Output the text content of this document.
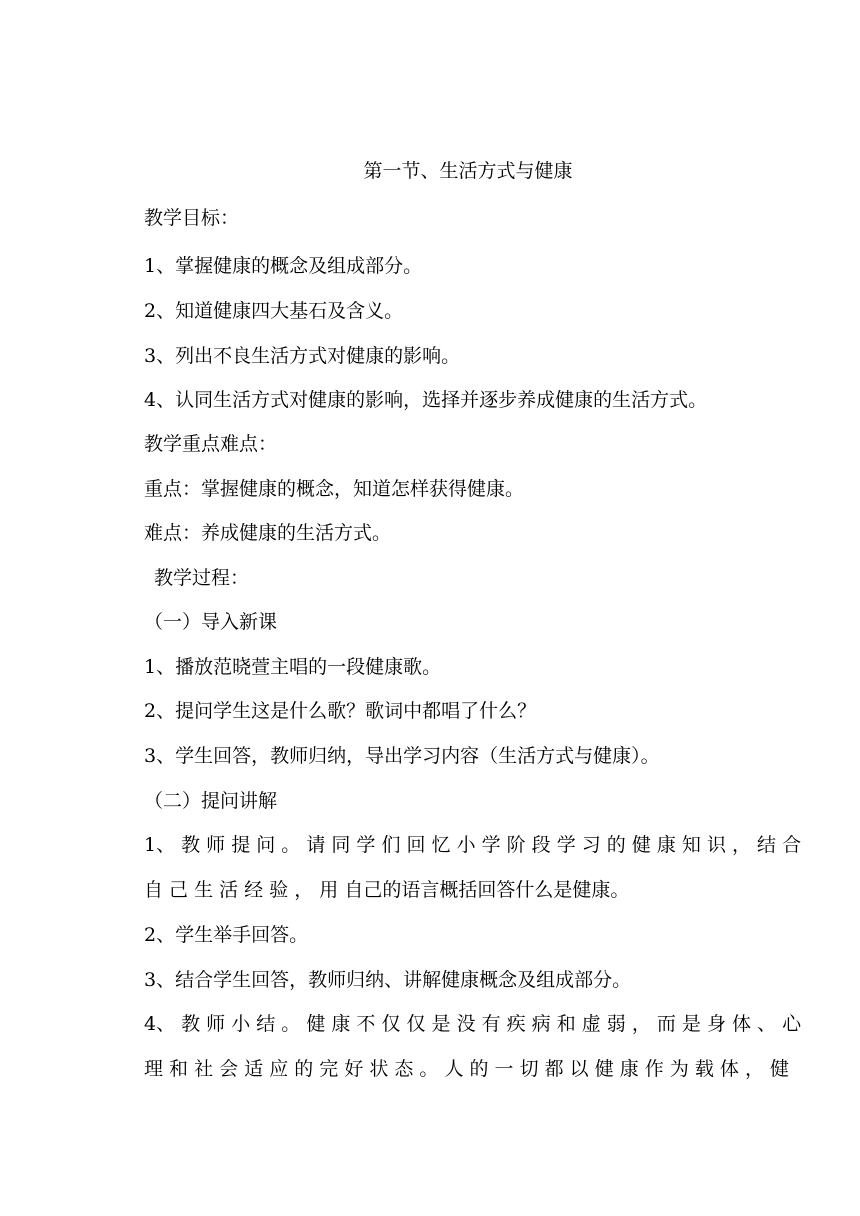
第一节、生活方式与健康
教学目标：
1、掌握健康的概念及组成部分。
2、知道健康四大基石及含义。
3、列出不良生活方式对健康的影响。
4、认同生活方式对健康的影响，选择并逐步养成健康的生活方式。
教学重点难点：
重点：掌握健康的概念，知道怎样获得健康。
难点：养成健康的生活方式。
教学过程：
（一）导入新课
1、播放范晓萱主唱的一段健康歌。
2、提问学生这是什么歌？歌词中都唱了什么？
3、学生回答，教师归纳，导出学习内容（生活方式与健康）。
（二）提问讲解
1、 教 师 提 问 。 请 同 学 们 回 忆 小 学 阶 段 学 习 的 健 康 知 识 ， 结 合
自 己 生 活 经 验 ， 用 自己的语言概括回答什么是健康。
2、学生举手回答。
3、结合学生回答，教师归纳、讲解健康概念及组成部分。
4、 教 师 小 结 。 健 康 不 仅 仅 是 没 有 疾 病 和 虚 弱 ， 而 是 身 体 、 心
理 和 社 会 适 应 的 完 好 状 态 。 人 的 一 切 都 以 健 康 作 为 载 体 ， 健
